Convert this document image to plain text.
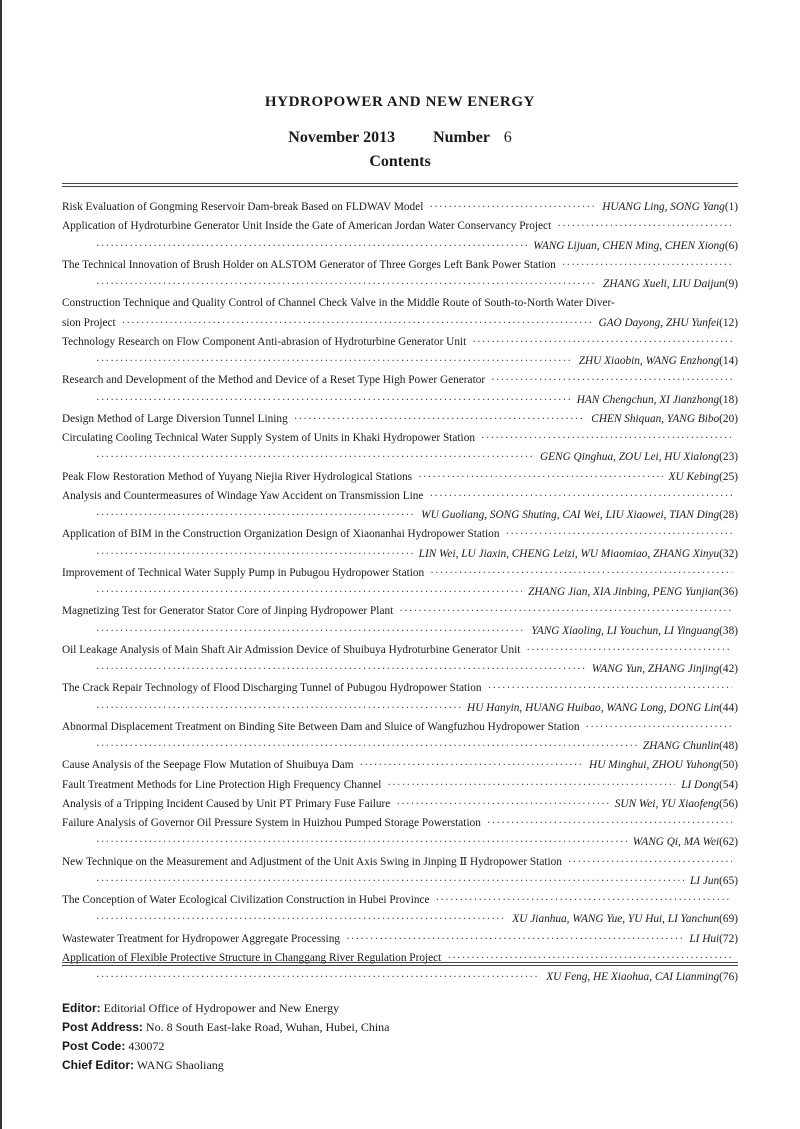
HYDROPOWER AND NEW ENERGY
November 2013 Number 6
Contents
Risk Evaluation of Gongming Reservoir Dam-break Based on FLDWAV Model ·····	HUANG Ling, SONG Yang (1)
Application of Hydroturbine Generator Unit Inside the Gate of American Jordan Water Conservancy Project
·····
·····
WANG Lijuan, CHEN Ming, CHEN Xiong (6)
The Technical Innovation of Brush Holder on ALSTOM Generator of Three Gorges Left Bank Power Station
·····
·····
ZHANG Xueli, LIU Daijun (9)
Construction Technique and Quality Control of Channel Check Valve in the Middle Route of South-to-North Water Diver-
sion Project ·····	GAO Dayong, ZHU Yunfei (12)
Technology Research on Flow Component Anti-abrasion of Hydroturbine Generator Unit
·····
·····
ZHU Xiaobin, WANG Enzhong (14)
Research and Development of the Method and Device of a Reset Type High Power Generator
·····
·····
HAN Chengchun, XI Jianzhong (18)
Design Method of Large Diversion Tunnel Lining ·····	CHEN Shiquan, YANG Bibo (20)
Circulating Cooling Technical Water Supply System of Units in Khaki Hydropower Station
·····
·····
GENG Qinghua, ZOU Lei, HU Xialong (23)
Peak Flow Restoration Method of Yuyang Niejia River Hydrological Stations ·····	XU Kebing (25)
Analysis and Countermeasures of Windage Yaw Accident on Transmission Line
·····
·····
WU Guoliang, SONG Shuting, CAI Wei, LIU Xiaowei, TIAN Ding (28)
Application of BIM in the Construction Organization Design of Xiaonanhai Hydropower Station
·····
·····
LIN Wei, LU Jiaxin, CHENG Leizi, WU Miaomiao, ZHANG Xinyu (32)
Improvement of Technical Water Supply Pump in Pubugou Hydropower Station
·····
·····
ZHANG Jian, XIA Jinbing, PENG Yunjian (36)
Magnetizing Test for Generator Stator Core of Jinping Hydropower Plant
·····
·····
YANG Xiaoling, LI Youchun, LI Yinguang (38)
Oil Leakage Analysis of Main Shaft Air Admission Device of Shuibuya Hydroturbine Generator Unit
·····
·····
WANG Yun, ZHANG Jinjing (42)
The Crack Repair Technology of Flood Discharging Tunnel of Pubugou Hydropower Station
·····
·····
HU Hanyin, HUANG Huibao, WANG Long, DONG Lin (44)
Abnormal Displacement Treatment on Binding Site Between Dam and Sluice of Wangfuzhou Hydropower Station
·····
·····
ZHANG Chunlin (48)
Cause Analysis of the Seepage Flow Mutation of Shuibuya Dam ·····	HU Minghui, ZHOU Yuhong (50)
Fault Treatment Methods for Line Protection High Frequency Channel ·····	LI Dong (54)
Analysis of a Tripping Incident Caused by Unit PT Primary Fuse Failure ·····	SUN Wei, YU Xiaofeng (56)
Failure Analysis of Governor Oil Pressure System in Huizhou Pumped Storage Powerstation
·····
·····
WANG Qi, MA Wei (62)
New Technique on the Measurement and Adjustment of the Unit Axis Swing in Jinping Ⅱ Hydropower Station
·····
·····
LI Jun (65)
The Conception of Water Ecological Civilization Construction in Hubei Province
·····
·····
XU Jianhua, WANG Yue, YU Hui, LI Yanchun (69)
Wastewater Treatment for Hydropower Aggregate Processing ·····	LI Hui (72)
Application of Flexible Protective Structure in Changgang River Regulation Project
·····
·····
XU Feng, HE Xiaohua, CAI Lianming (76)
Editor: Editorial Office of Hydropower and New Energy
Post Address: No. 8 South East-lake Road, Wuhan, Hubei, China
Post Code: 430072
Chief Editor: WANG Shaoliang
